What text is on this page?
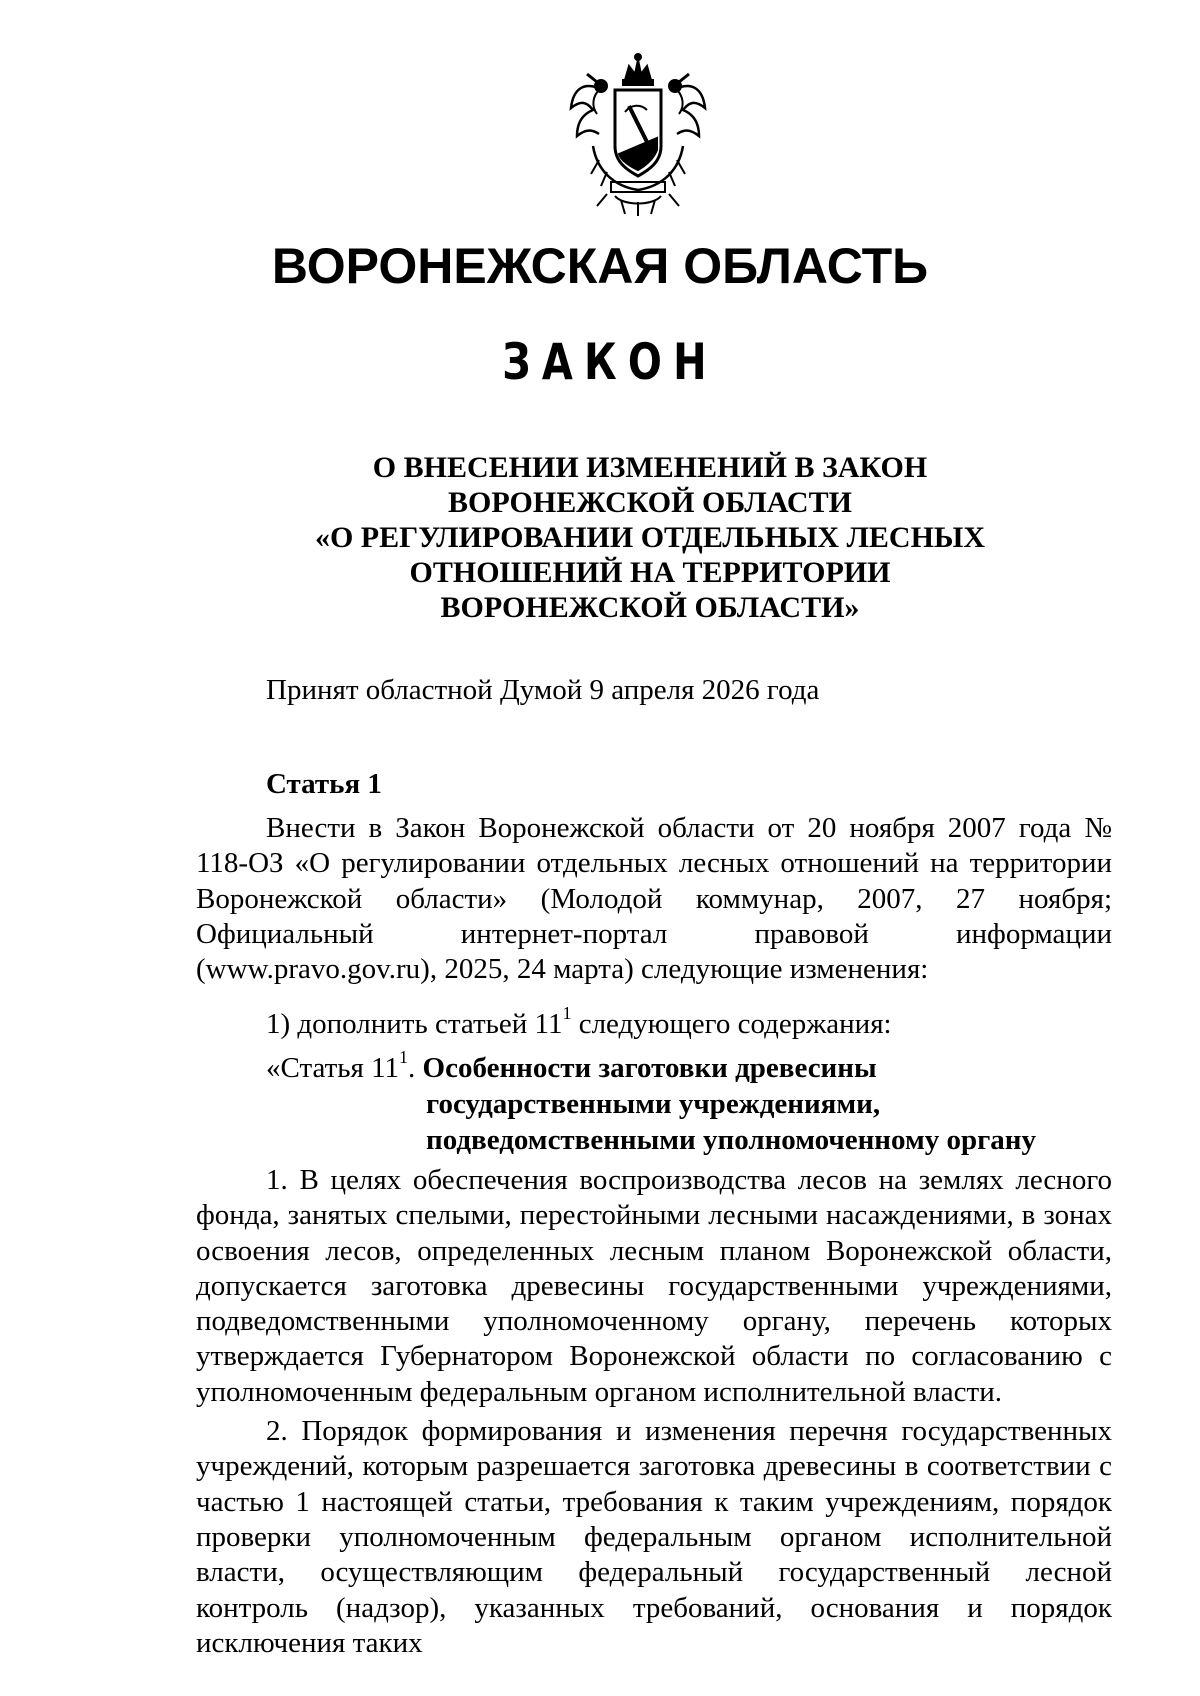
ВОРОНЕЖСКАЯ ОБЛАСТЬ
ЗАКОН
О ВНЕСЕНИИ ИЗМЕНЕНИЙ В ЗАКОН
ВОРОНЕЖСКОЙ ОБЛАСТИ
«О РЕГУЛИРОВАНИИ ОТДЕЛЬНЫХ ЛЕСНЫХ
ОТНОШЕНИЙ НА ТЕРРИТОРИИ
ВОРОНЕЖСКОЙ ОБЛАСТИ»
Принят областной Думой 9 апреля 2026 года
Статья 1

Внести в Закон Воронежской области от 20 ноября 2007 года № 118-ОЗ «О регулировании отдельных лесных отношений на территории Воронежской области» (Молодой коммунар, 2007, 27 ноября; Официальный интернет-портал правовой информации (www.pravo.gov.ru), 2025, 24 марта) следующие изменения:

1) дополнить статьей $11^1$ следующего содержания:

«Статья $11^1$. Особенности заготовки древесины
государственными учреждениями,
подведомственными уполномоченному органу

1. В целях обеспечения воспроизводства лесов на землях лесного фонда, занятых спелыми, перестойными лесными насаждениями, в зонах освоения лесов, определенных лесным планом Воронежской области, допускается заготовка древесины государственными учреждениями, подведомственными уполномоченному органу, перечень которых утверждается Губернатором Воронежской области по согласованию с уполномоченным федеральным органом исполнительной власти.

2. Порядок формирования и изменения перечня государственных учреждений, которым разрешается заготовка древесины в соответствии с частью 1 настоящей статьи, требования к таким учреждениям, порядок проверки уполномоченным федеральным органом исполнительной власти, осуществляющим федеральный государственный лесной контроль (надзор), указанных требований, основания и порядок исключения таких
